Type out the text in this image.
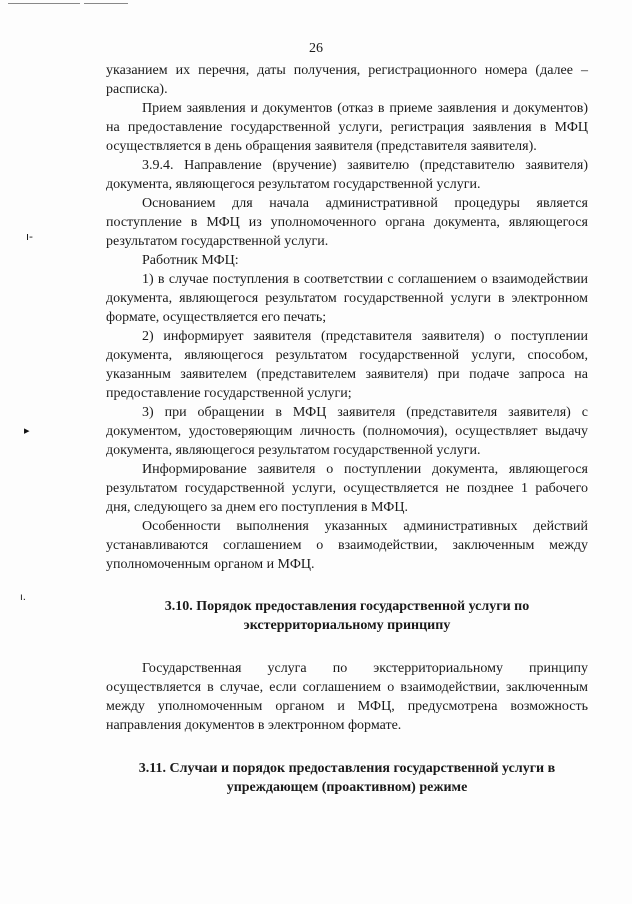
26
ı-
▸
ı.

указанием их перечня, даты получения, регистрационного номера (далее – расписка).

Прием заявления и документов (отказ в приеме заявления и документов) на предоставление государственной услуги, регистрация заявления в МФЦ осуществляется в день обращения заявителя (представителя заявителя).

3.9.4. Направление (вручение) заявителю (представителю заявителя) документа, являющегося результатом государственной услуги.

Основанием для начала административной процедуры является поступление в МФЦ из уполномоченного органа документа, являющегося результатом государственной услуги.

Работник МФЦ:

1) в случае поступления в соответствии с соглашением о взаимодействии документа, являющегося результатом государственной услуги в электронном формате, осуществляется его печать;

2) информирует заявителя (представителя заявителя) о поступлении документа, являющегося результатом государственной услуги, способом, указанным заявителем (представителем заявителя) при подаче запроса на предоставление государственной услуги;

3) при обращении в МФЦ заявителя (представителя заявителя) с документом, удостоверяющим личность (полномочия), осуществляет выдачу документа, являющегося результатом государственной услуги.

Информирование заявителя о поступлении документа, являющегося результатом государственной услуги, осуществляется не позднее 1 рабочего дня, следующего за днем его поступления в МФЦ.

Особенности выполнения указанных административных действий устанавливаются соглашением о взаимодействии, заключенным между уполномоченным органом и МФЦ.

3.10. Порядок предоставления государственной услуги по

экстерриториальному принципу

Государственная услуга по экстерриториальному принципу осуществляется в случае, если соглашением о взаимодействии, заключенным между уполномоченным органом и МФЦ, предусмотрена возможность направления документов в электронном формате.

3.11. Случаи и порядок предоставления государственной услуги в

упреждающем (проактивном) режиме
